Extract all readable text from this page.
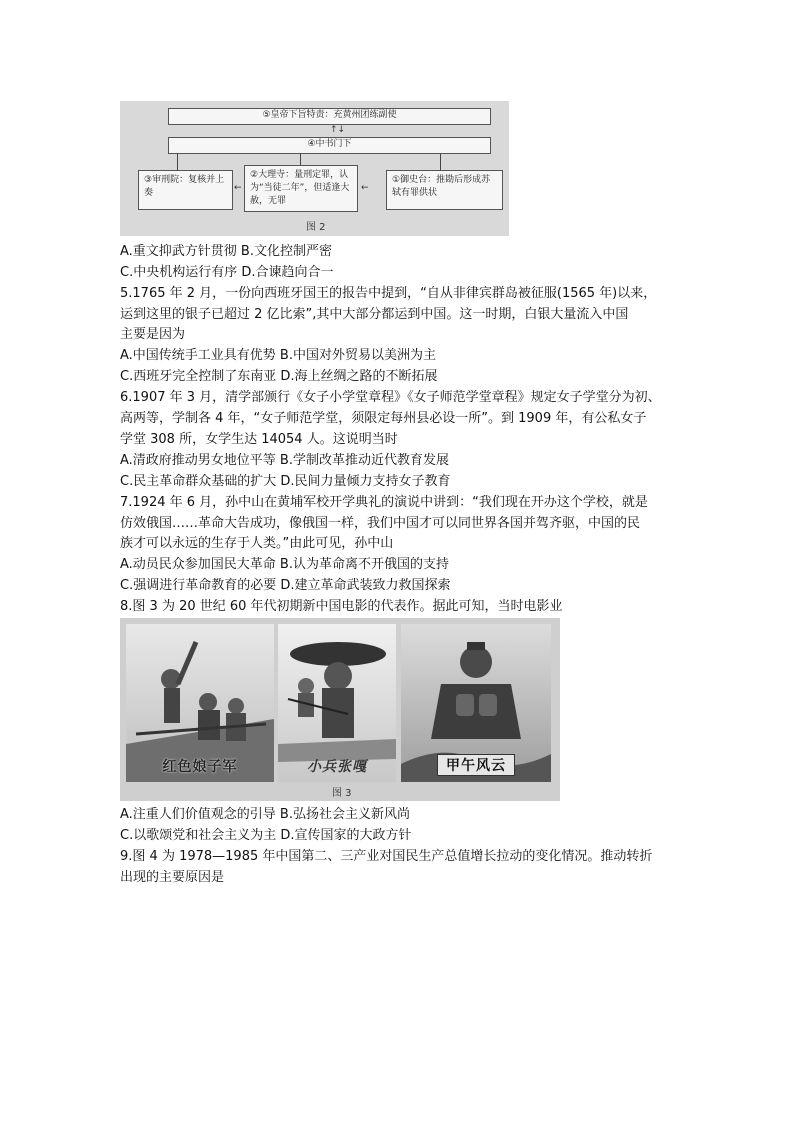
⑤皇帝下旨特责：充黄州团练副使
↑↓
④中书门下
③审刑院：复核并上奏	←
②大理寺：量刑定罪，认为“当徒二年”，但适逢大赦，无罪
←
①御史台：推勘后形成苏轼有罪供状
图 2
A.重文抑武方针贯彻 B.文化控制严密
C.中央机构运行有序 D.合谏趋向合一
5.1765 年 2 月，一份向西班牙国王的报告中提到，“自从非律宾群岛被征服(1565 年)以来，
运到这里的银子已超过 2 亿比索”,其中大部分都运到中国。这一时期，白银大量流入中国
主要是因为
A.中国传统手工业具有优势 B.中国对外贸易以美洲为主
C.西班牙完全控制了东南亚 D.海上丝绸之路的不断拓展
6.1907 年 3 月，清学部颁行《女子小学堂章程》《女子师范学堂章程》规定女子学堂分为初、
高两等，学制各 4 年，“女子师范学堂，须限定每州县必设一所”。到 1909 年，有公私女子
学堂 308 所，女学生达 14054 人。这说明当时
A.清政府推动男女地位平等 B.学制改革推动近代教育发展
C.民主革命群众基础的扩大 D.民间力量倾力支持女子教育
7.1924 年 6 月，孙中山在黄埔军校开学典礼的演说中讲到：“我们现在开办这个学校，就是
仿效俄国……革命大告成功，像俄国一样，我们中国才可以同世界各国并驾齐驱，中国的民
族才可以永远的生存于人类。”由此可见，孙中山
A.动员民众参加国民大革命 B.认为革命离不开俄国的支持
C.强调进行革命教育的必要 D.建立革命武装致力救国探索
8.图 3 为 20 世纪 60 年代初期新中国电影的代表作。据此可知，当时电影业
红色娘子军	小兵张嘎	甲午风云
图 3
A.注重人们价值观念的引导 B.弘扬社会主义新风尚
C.以歌颂党和社会主义为主 D.宣传国家的大政方针
9.图 4 为 1978—1985 年中国第二、三产业对国民生产总值增长拉动的变化情况。推动转折
出现的主要原因是
